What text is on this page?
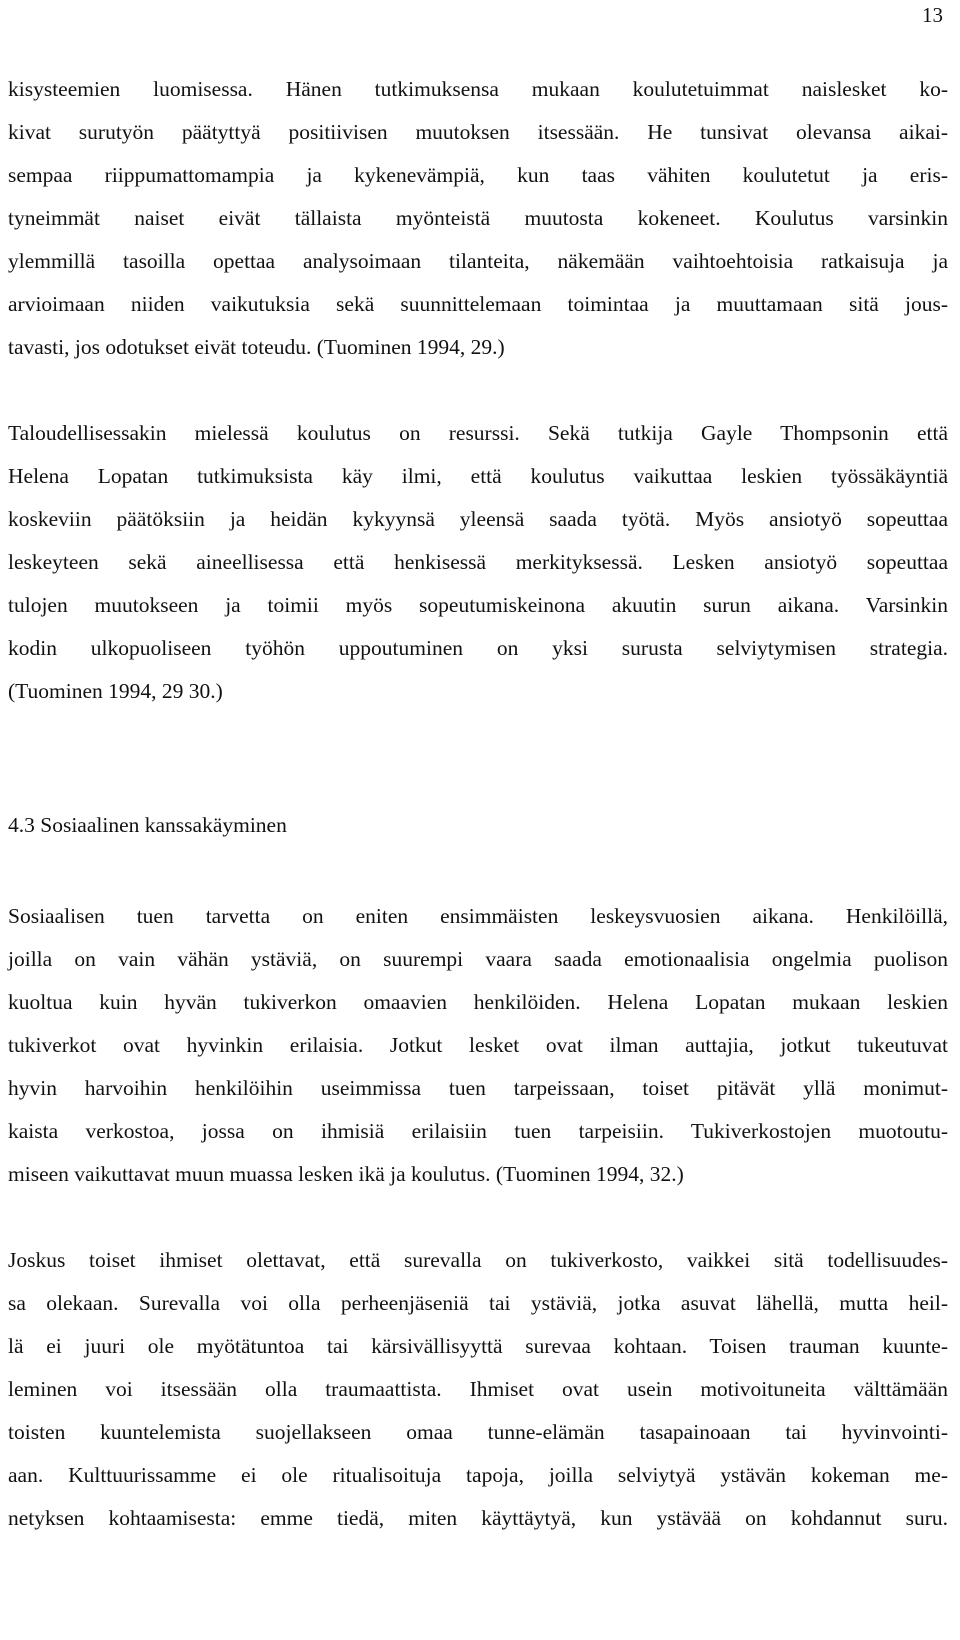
13
kisysteemien luomisessa. Hänen tutkimuksensa mukaan koulutetuimmat naislesket ko-
kivat surutyön päätyttyä positiivisen muutoksen itsessään. He tunsivat olevansa aikai-
sempaa riippumattomampia ja kykenevämpiä, kun taas vähiten koulutetut ja eris-
tyneimmät naiset eivät tällaista myönteistä muutosta kokeneet. Koulutus varsinkin
ylemmillä tasoilla opettaa analysoimaan tilanteita, näkemään vaihtoehtoisia ratkaisuja ja
arvioimaan niiden vaikutuksia sekä suunnittelemaan toimintaa ja muuttamaan sitä jous-
tavasti, jos odotukset eivät toteudu. (Tuominen 1994, 29.)
Taloudellisessakin mielessä koulutus on resurssi. Sekä tutkija Gayle Thompsonin että
Helena Lopatan tutkimuksista käy ilmi, että koulutus vaikuttaa leskien työssäkäyntiä
koskeviin päätöksiin ja heidän kykyynsä yleensä saada työtä. Myös ansiotyö sopeuttaa
leskeyteen sekä aineellisessa että henkisessä merkityksessä. Lesken ansiotyö sopeuttaa
tulojen muutokseen ja toimii myös sopeutumiskeinona akuutin surun aikana. Varsinkin
kodin ulkopuoliseen työhön uppoutuminen on yksi surusta selviytymisen strategia.
(Tuominen 1994, 29 30.)
4.3 Sosiaalinen kanssakäyminen
Sosiaalisen tuen tarvetta on eniten ensimmäisten leskeysvuosien aikana. Henkilöillä,
joilla on vain vähän ystäviä, on suurempi vaara saada emotionaalisia ongelmia puolison
kuoltua kuin hyvän tukiverkon omaavien henkilöiden. Helena Lopatan mukaan leskien
tukiverkot ovat hyvinkin erilaisia. Jotkut lesket ovat ilman auttajia, jotkut tukeutuvat
hyvin harvoihin henkilöihin useimmissa tuen tarpeissaan, toiset pitävät yllä monimut-
kaista verkostoa, jossa on ihmisiä erilaisiin tuen tarpeisiin. Tukiverkostojen muotoutu-
miseen vaikuttavat muun muassa lesken ikä ja koulutus. (Tuominen 1994, 32.)
Joskus toiset ihmiset olettavat, että surevalla on tukiverkosto, vaikkei sitä todellisuudes-
sa olekaan. Surevalla voi olla perheenjäseniä tai ystäviä, jotka asuvat lähellä, mutta heil-
lä ei juuri ole myötätuntoa tai kärsivällisyyttä surevaa kohtaan. Toisen trauman kuunte-
leminen voi itsessään olla traumaattista. Ihmiset ovat usein motivoituneita välttämään
toisten kuuntelemista suojellakseen omaa tunne-elämän tasapainoaan tai hyvinvointi-
aan. Kulttuurissamme ei ole ritualisoituja tapoja, joilla selviytyä ystävän kokeman me-
netyksen kohtaamisesta: emme tiedä, miten käyttäytyä, kun ystävää on kohdannut suru.
